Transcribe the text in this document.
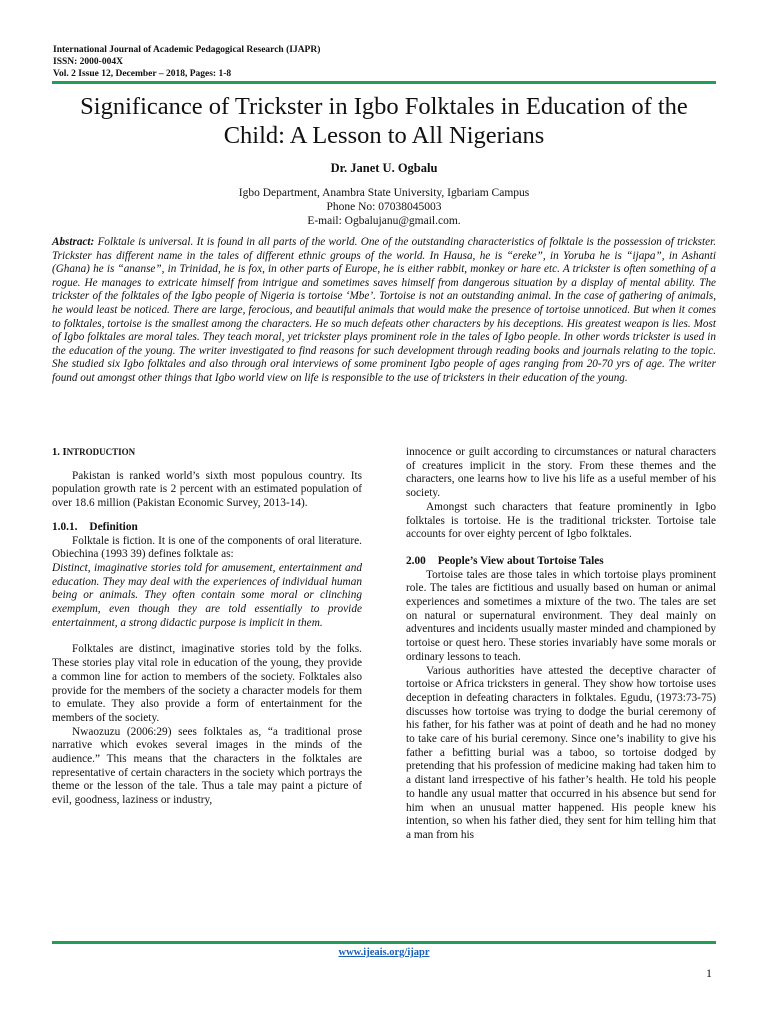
International Journal of Academic Pedagogical Research (IJAPR)
ISSN: 2000-004X
Vol. 2 Issue 12, December – 2018, Pages: 1-8
Significance of Trickster in Igbo Folktales in Education of the
Child: A Lesson to All Nigerians
Dr. Janet U. Ogbalu
Igbo Department, Anambra State University, Igbariam Campus
Phone No: 07038045003
E-mail: Ogbalujanu@gmail.com.
Abstract: Folktale is universal. It is found in all parts of the world. One of the outstanding characteristics of folktale is the possession of trickster. Trickster has different name in the tales of different ethnic groups of the world. In Hausa, he is “ereke”, in Yoruba he is “ijapa”, in Ashanti (Ghana) he is “ananse”, in Trinidad, he is fox, in other parts of Europe, he is either rabbit, monkey or hare etc. A trickster is often something of a rogue. He manages to extricate himself from intrigue and sometimes saves himself from dangerous situation by a display of mental ability. The trickster of the folktales of the Igbo people of Nigeria is tortoise ‘Mbe’. Tortoise is not an outstanding animal. In the case of gathering of animals, he would least be noticed. There are large, ferocious, and beautiful animals that would make the presence of tortoise unnoticed. But when it comes to folktales, tortoise is the smallest among the characters. He so much defeats other characters by his deceptions. His greatest weapon is lies. Most of Igbo folktales are moral tales. They teach moral, yet trickster plays prominent role in the tales of Igbo people. In other words trickster is used in the education of the young. The writer investigated to find reasons for such development through reading books and journals relating to the topic. She studied six Igbo folktales and also through oral interviews of some prominent Igbo people of ages ranging from 20-70 yrs of age. The writer found out amongst other things that Igbo world view on life is responsible to the use of tricksters in their education of the young.
1. INTRODUCTION

Pakistan is ranked world’s sixth most populous country. Its population growth rate is 2 percent with an estimated population of over 18.6 million (Pakistan Economic Survey, 2013-14).

1.0.1. Definition

Folktale is fiction. It is one of the components of oral literature. Obiechina (1993 39) defines folktale as:

Distinct, imaginative stories told for amusement, entertainment and education. They may deal with the experiences of individual human being or animals. They often contain some moral or clinching exemplum, even though they are told essentially to provide entertainment, a strong didactic purpose is implicit in them.

Folktales are distinct, imaginative stories told by the folks. These stories play vital role in education of the young, they provide a common line for action to members of the society. Folktales also provide for the members of the society a character models for them to emulate. They also provide a form of entertainment for the members of the society.

Nwaozuzu (2006:29) sees folktales as, “a traditional prose narrative which evokes several images in the minds of the audience.” This means that the characters in the folktales are representative of certain characters in the society which portrays the theme or the lesson of the tale. Thus a tale may paint a picture of evil, goodness, laziness or industry,

innocence or guilt according to circumstances or natural characters of creatures implicit in the story. From these themes and the characters, one learns how to live his life as a useful member of his society.

Amongst such characters that feature prominently in Igbo folktales is tortoise. He is the traditional trickster. Tortoise tale accounts for over eighty percent of Igbo folktales.

2.00 People’s View about Tortoise Tales

Tortoise tales are those tales in which tortoise plays prominent role. The tales are fictitious and usually based on human or animal experiences and sometimes a mixture of the two. The tales are set on natural or supernatural environment. They deal mainly on adventures and incidents usually master minded and championed by tortoise or quest hero. These stories invariably have some morals or ordinary lessons to teach.

Various authorities have attested the deceptive character of tortoise or Africa tricksters in general. They show how tortoise uses deception in defeating characters in folktales. Egudu, (1973:73-75) discusses how tortoise was trying to dodge the burial ceremony of his father, for his father was at point of death and he had no money to take care of his burial ceremony. Since one’s inability to give his father a befitting burial was a taboo, so tortoise dodged by pretending that his profession of medicine making had taken him to a distant land irrespective of his father’s health. He told his people to handle any usual matter that occurred in his absence but send for him when an unusual matter happened. His people knew his intention, so when his father died, they sent for him telling him that a man from his

www.ijeais.org/ijapr
1
